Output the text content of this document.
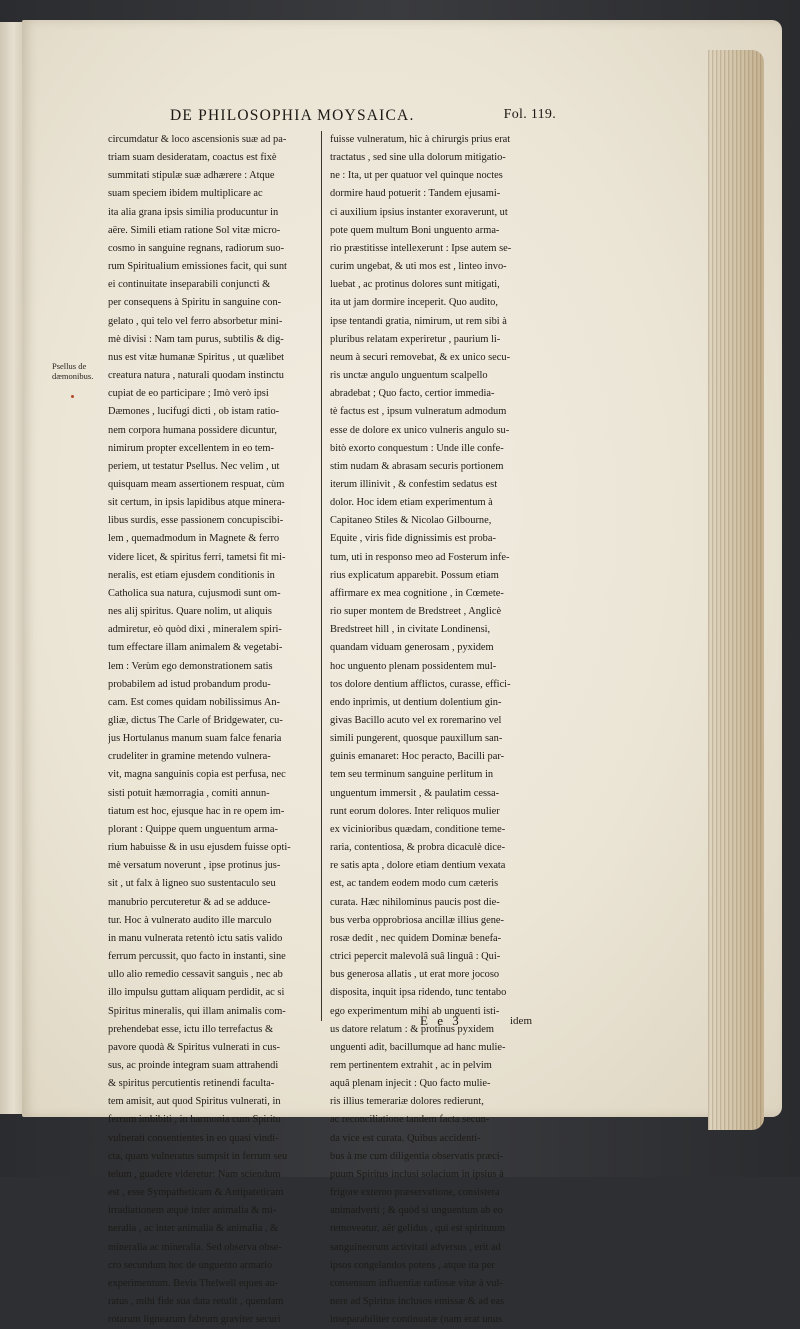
Psellus de dæmonibus.
DE PHILOSOPHIA MOYSAICA.	Fol. 119.
circumdatur & loco ascensionis suæ ad pa-
triam suam desideratam, coactus est fixè
summitati stipulæ suæ adhærere : Atque
suam speciem ibidem multiplicare ac
ita alia grana ipsis similia producuntur in
aëre. Simili etiam ratione Sol vitæ micro-
cosmo in sanguine regnans, radiorum suo-
rum Spiritualium emissiones facit, qui sunt
ei continuitate inseparabili conjuncti &
per consequens à Spiritu in sanguine con-
gelato , qui telo vel ferro absorbetur mini-
mè divisi : Nam tam purus, subtilis & dig-
nus est vitæ humanæ Spiritus , ut quælibet
creatura natura , naturali quodam instinctu
cupiat de eo participare ; Imò verò ipsi
Dæmones , lucifugi dicti , ob istam ratio-
nem corpora humana possidere dicuntur,
nimirum propter excellentem in eo tem-
periem, ut testatur Psellus. Nec velim , ut
quisquam meam assertionem respuat, cùm
sit certum, in ipsis lapidibus atque minera-
libus surdis, esse passionem concupiscibi-
lem , quemadmodum in Magnete & ferro
videre licet, & spiritus ferri, tametsi fit mi-
neralis, est etiam ejusdem conditionis in
Catholica sua natura, cujusmodi sunt om-
nes alij spiritus. Quare nolim, ut aliquis
admiretur, eò quòd dixi , mineralem spiri-
tum effectare illam animalem & vegetabi-
lem : Verùm ego demonstrationem satis
probabilem ad istud probandum produ-
cam. Est comes quidam nobilissimus An-
gliæ, dictus The Carle of Bridgewater, cu-
jus Hortulanus manum suam falce fenaria
crudeliter in gramine metendo vulnera-
vit, magna sanguinis copia est perfusa, nec
sisti potuit hæmorragia , comiti annun-
tiatum est hoc, ejusque hac in re opem im-
plorant : Quippe quem unguentum arma-
rium habuisse & in usu ejusdem fuisse opti-
mè versatum noverunt , ipse protinus jus-
sit , ut falx à ligneo suo sustentaculo seu
manubrio percuteretur & ad se adduce-
tur. Hoc à vulnerato audito ille marculo
in manu vulnerata retentò ictu satis valido
ferrum percussit, quo facto in instanti, sine
ullo alio remedio cessavit sanguis , nec ab
illo impulsu guttam aliquam perdidit, ac si
Spiritus mineralis, qui illam animalis com-
prehendebat esse, ictu illo terrefactus &
pavore quodà & Spiritus vulnerati in cus-
sus, ac proinde integram suam attrahendi
& spiritus percutientis retinendi faculta-
tem amisit, aut quod Spiritus vulnerati, in
ferrum imbibiti , in harmonia cum Spiritu
vulnerati consentientes in eo quasi vindi-
cta, quam vulneratus sumpsit in ferrum seu
telum , guadere videretur: Nam sciendum
est , esse Sympatheticam & Antipateticam
irradiationem æquè inter animalia & mi-
neralia , ac inter animalia & animalia , &
mineralia ac mineralia. Sed observa obse-
cro secundum hoc de unguento armario
experimentum. Bevis Thelwell eques au-
ratus , mihi fide sua data retulit , quendam
rotarum lignearum fabrum graviter securi
fuisse vulneratum, hic à chirurgis prius erat
tractatus , sed sine ulla dolorum mitigatio-
ne : Ita, ut per quatuor vel quinque noctes
dormire haud potuerit : Tandem ejusami-
ci auxilium ipsius instanter exoraverunt, ut
pote quem multum Boni unguento arma-
rio præstitisse intellexerunt : Ipse autem se-
curim ungebat, & uti mos est , linteo invo-
luebat , ac protinus dolores sunt mitigati,
ita ut jam dormire inceperit. Quo audito,
ipse tentandi gratia, nimirum, ut rem sibi à
pluribus relatam experiretur , paurium li-
neum à securi removebat, & ex unico secu-
ris unctæ angulo unguentum scalpello
abradebat ; Quo facto, certior immedia-
tè factus est , ipsum vulneratum admodum
esse de dolore ex unico vulneris angulo su-
bitò exorto conquestum : Unde ille confe-
stim nudam & abrasam securis portionem
iterum illinivit , & confestim sedatus est
dolor. Hoc idem etiam experimentum à
Capitaneo Stiles & Nicolao Gilbourne,
Equite , viris fide dignissimis est proba-
tum, uti in responso meo ad Fosterum infe-
rius explicatum apparebit. Possum etiam
affirmare ex mea cognitione , in Cœmete-
rio super montem de Bredstreet , Anglicè
Bredstreet hill , in civitate Londinensi,
quandam viduam generosam , pyxidem
hoc unguento plenam possidentem mul-
tos dolore dentium afflictos, curasse, effici-
endo inprimis, ut dentium dolentium gin-
givas Bacillo acuto vel ex roremarino vel
simili pungerent, quosque pauxillum san-
guinis emanaret: Hoc peracto, Bacilli par-
tem seu terminum sanguine perlitum in
unguentum immersit , & paulatim cessa-
runt eorum dolores. Inter reliquos mulier
ex vicinioribus quædam, conditione teme-
raria, contentiosa, & probra dicaculè dice-
re satis apta , dolore etiam dentium vexata
est, ac tandem eodem modo cum cæteris
curata. Hæc nihilominus paucis post die-
bus verba opprobriosa ancillæ illius gene-
rosæ dedit , nec quidem Dominæ benefa-
ctrici pepercit malevolâ suâ linguâ : Qui-
bus generosa allatis , ut erat more jocoso
disposita, inquit ipsa ridendo, tunc tentabo
ego experimentum mihi ab unguenti isti-
us datore relatum : & protinus pyxidem
unguenti adit, bacillumque ad hanc mulie-
rem pertinentem extrahit , ac in pelvim
aquâ plenam injecit : Quo facto mulie-
ris illius temerariæ dolores redierunt,
ac reconciliatione tandem facta secun-
da vice est curata. Quibus accidenti-
bus à me cum diligentia observatis præci-
puum Spiritus inclusi solacium in ipsius à
frigore externo præservatione, consistera
animadverti ; & quòd si unguentum ab eo
removeatur, aër gelidus , qui est spirituum
sanguineorum activitati adversus , erit ad
ipsos congelandos potens , atque ita per
consensum influentiæ radiosæ vitæ à vul-
nere ad Spiritus inclusos emissæ & ad eas
inseparabiliter continuatæ (nam erat unus
E e 3	idem
